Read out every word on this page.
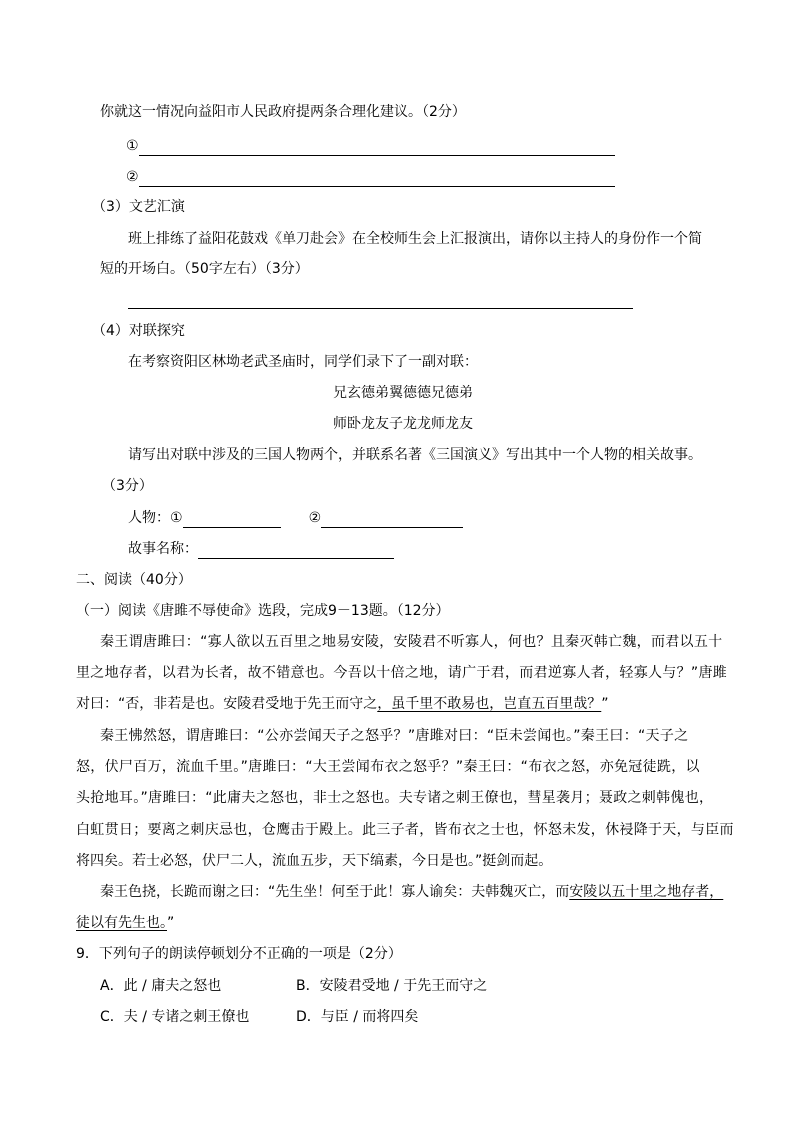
你就这一情况向益阳市人民政府提两条合理化建议。（2分）
①
②
（3）文艺汇演
班上排练了益阳花鼓戏《单刀赴会》在全校师生会上汇报演出，请你以主持人的身份作一个简
短的开场白。（50字左右）（3分）
（4）对联探究
在考察资阳区林坳老武圣庙时，同学们录下了一副对联：
兄玄德弟翼德德兄德弟
师卧龙友子龙龙师龙友
请写出对联中涉及的三国人物两个，并联系名著《三国演义》写出其中一个人物的相关故事。
（3分）
人物：①	②
故事名称：
二、阅读（40分）
（一）阅读《唐雎不辱使命》选段，完成9－13题。（12分）
秦王谓唐雎曰：“寡人欲以五百里之地易安陵，安陵君不听寡人，何也？且秦灭韩亡魏，而君以五十
里之地存者，以君为长者，故不错意也。今吾以十倍之地，请广于君，而君逆寡人者，轻寡人与？”唐雎
对曰：“否，非若是也。安陵君受地于先王而守之，虽千里不敢易也，岂直五百里哉？”
秦王怫然怒，谓唐雎曰：“公亦尝闻天子之怒乎？”唐雎对曰：“臣未尝闻也。”秦王曰：“天子之
怒，伏尸百万，流血千里。”唐雎曰：“大王尝闻布衣之怒乎？”秦王曰：“布衣之怒，亦免冠徒跣，以
头抢地耳。”唐雎曰：“此庸夫之怒也，非士之怒也。夫专诸之刺王僚也，彗星袭月；聂政之刺韩傀也，
白虹贯日；要离之刺庆忌也，仓鹰击于殿上。此三子者，皆布衣之士也，怀怒未发，休祲降于天，与臣而
将四矣。若士必怒，伏尸二人，流血五步，天下缟素，今日是也。”挺剑而起。
秦王色挠，长跪而谢之曰：“先生坐！何至于此！寡人谕矣：夫韩魏灭亡，而安陵以五十里之地存者，
徒以有先生也。”
9．下列句子的朗读停顿划分不正确的一项是（2分）
A．此 / 庸夫之怒也	B．安陵君受地 / 于先王而守之
C．夫 / 专诸之刺王僚也	D．与臣 / 而将四矣
